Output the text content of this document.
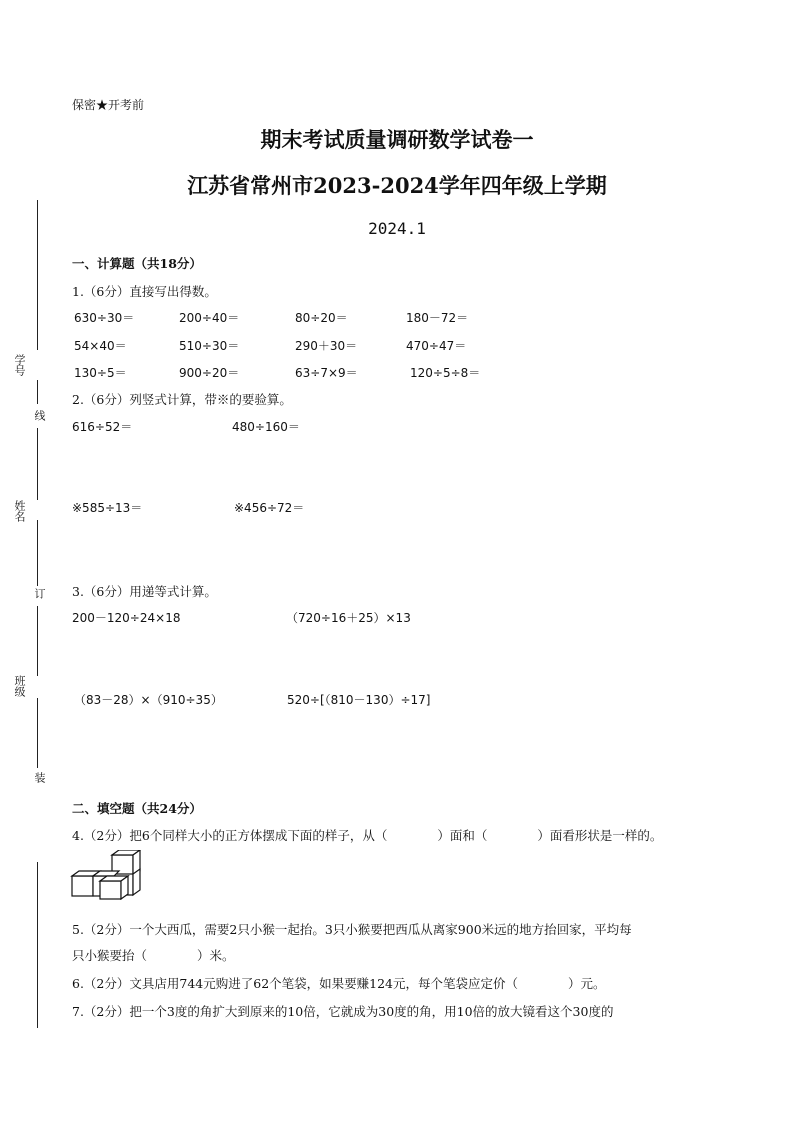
学号
线
姓名
订
班级
装
保密★开考前
期末考试质量调研数学试卷一
江苏省常州市2023-2024学年四年级上学期
2024.1
一、计算题（共18分）
1.（6分）直接写出得数。
630÷30＝	200÷40＝	80÷20＝	180－72＝
54×40＝	510÷30＝	290＋30＝	470÷47＝
130÷5＝	900÷20＝	63÷7×9＝	120÷5÷8＝
2.（6分）列竖式计算，带※的要验算。
616÷52＝	480÷160＝
※585÷13＝	※456÷72＝
3.（6分）用递等式计算。
200－120÷24×18	（720÷16＋25）×13
（83－28）×（910÷35）	520÷[（810－130）÷17]
二、填空题（共24分）
4.（2分）把6个同样大小的正方体摆成下面的样子，从（　　　　）面和（　　　　）面看形状是一样的。
5.（2分）一个大西瓜，需要2只小猴一起抬。3只小猴要把西瓜从离家900米远的地方抬回家，平均每
只小猴要抬（　　　　）米。
6.（2分）文具店用744元购进了62个笔袋，如果要赚124元，每个笔袋应定价（　　　　）元。
7.（2分）把一个3度的角扩大到原来的10倍，它就成为30度的角，用10倍的放大镜看这个30度的
